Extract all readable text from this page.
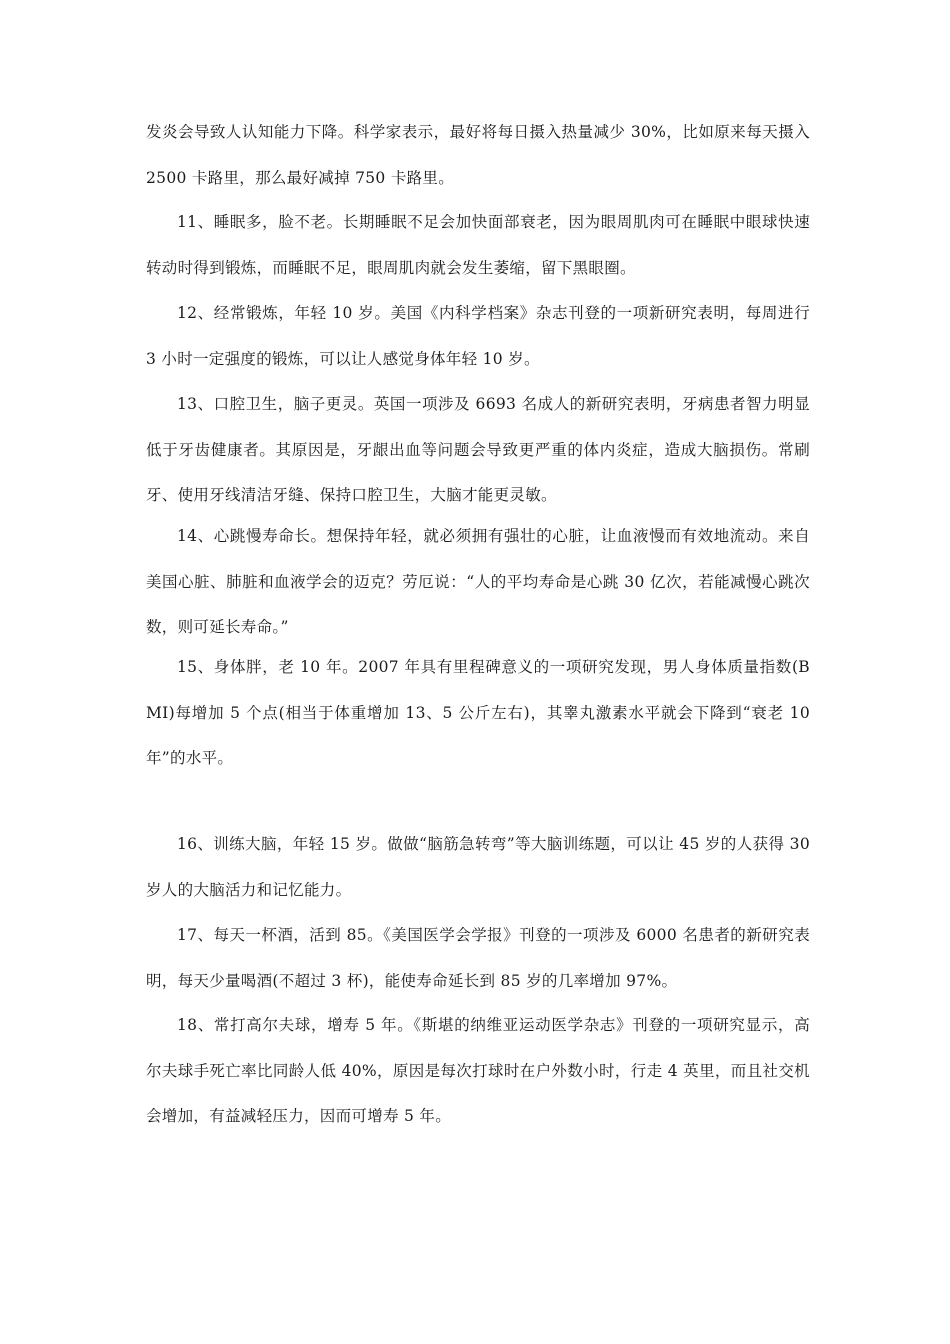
发炎会导致人认知能力下降。科学家表示，最好将每日摄入热量减少 30%，比如原来每天摄入 2500 卡路里，那么最好减掉 750 卡路里。

11、睡眠多，脸不老。长期睡眠不足会加快面部衰老，因为眼周肌肉可在睡眠中眼球快速转动时得到锻炼，而睡眠不足，眼周肌肉就会发生萎缩，留下黑眼圈。

12、经常锻炼，年轻 10 岁。美国《内科学档案》杂志刊登的一项新研究表明，每周进行 3 小时一定强度的锻炼，可以让人感觉身体年轻 10 岁。

13、口腔卫生，脑子更灵。英国一项涉及 6693 名成人的新研究表明，牙病患者智力明显低于牙齿健康者。其原因是，牙龈出血等问题会导致更严重的体内炎症，造成大脑损伤。常刷牙、使用牙线清洁牙缝、保持口腔卫生，大脑才能更灵敏。

14、心跳慢寿命长。想保持年轻，就必须拥有强壮的心脏，让血液慢而有效地流动。来自美国心脏、肺脏和血液学会的迈克？劳厄说：“人的平均寿命是心跳 30 亿次，若能减慢心跳次数，则可延长寿命。”

15、身体胖，老 10 年。2007 年具有里程碑意义的一项研究发现，男人身体质量指数(BMI)每增加 5 个点(相当于体重增加 13、5 公斤左右)，其睾丸激素水平就会下降到“衰老 10 年”的水平。

16、训练大脑，年轻 15 岁。做做“脑筋急转弯”等大脑训练题，可以让 45 岁的人获得 30 岁人的大脑活力和记忆能力。

17、每天一杯酒，活到 85。《美国医学会学报》刊登的一项涉及 6000 名患者的新研究表明，每天少量喝酒(不超过 3 杯)，能使寿命延长到 85 岁的几率增加 97%。

18、常打高尔夫球，增寿 5 年。《斯堪的纳维亚运动医学杂志》刊登的一项研究显示，高尔夫球手死亡率比同龄人低 40%，原因是每次打球时在户外数小时，行走 4 英里，而且社交机会增加，有益减轻压力，因而可增寿 5 年。
